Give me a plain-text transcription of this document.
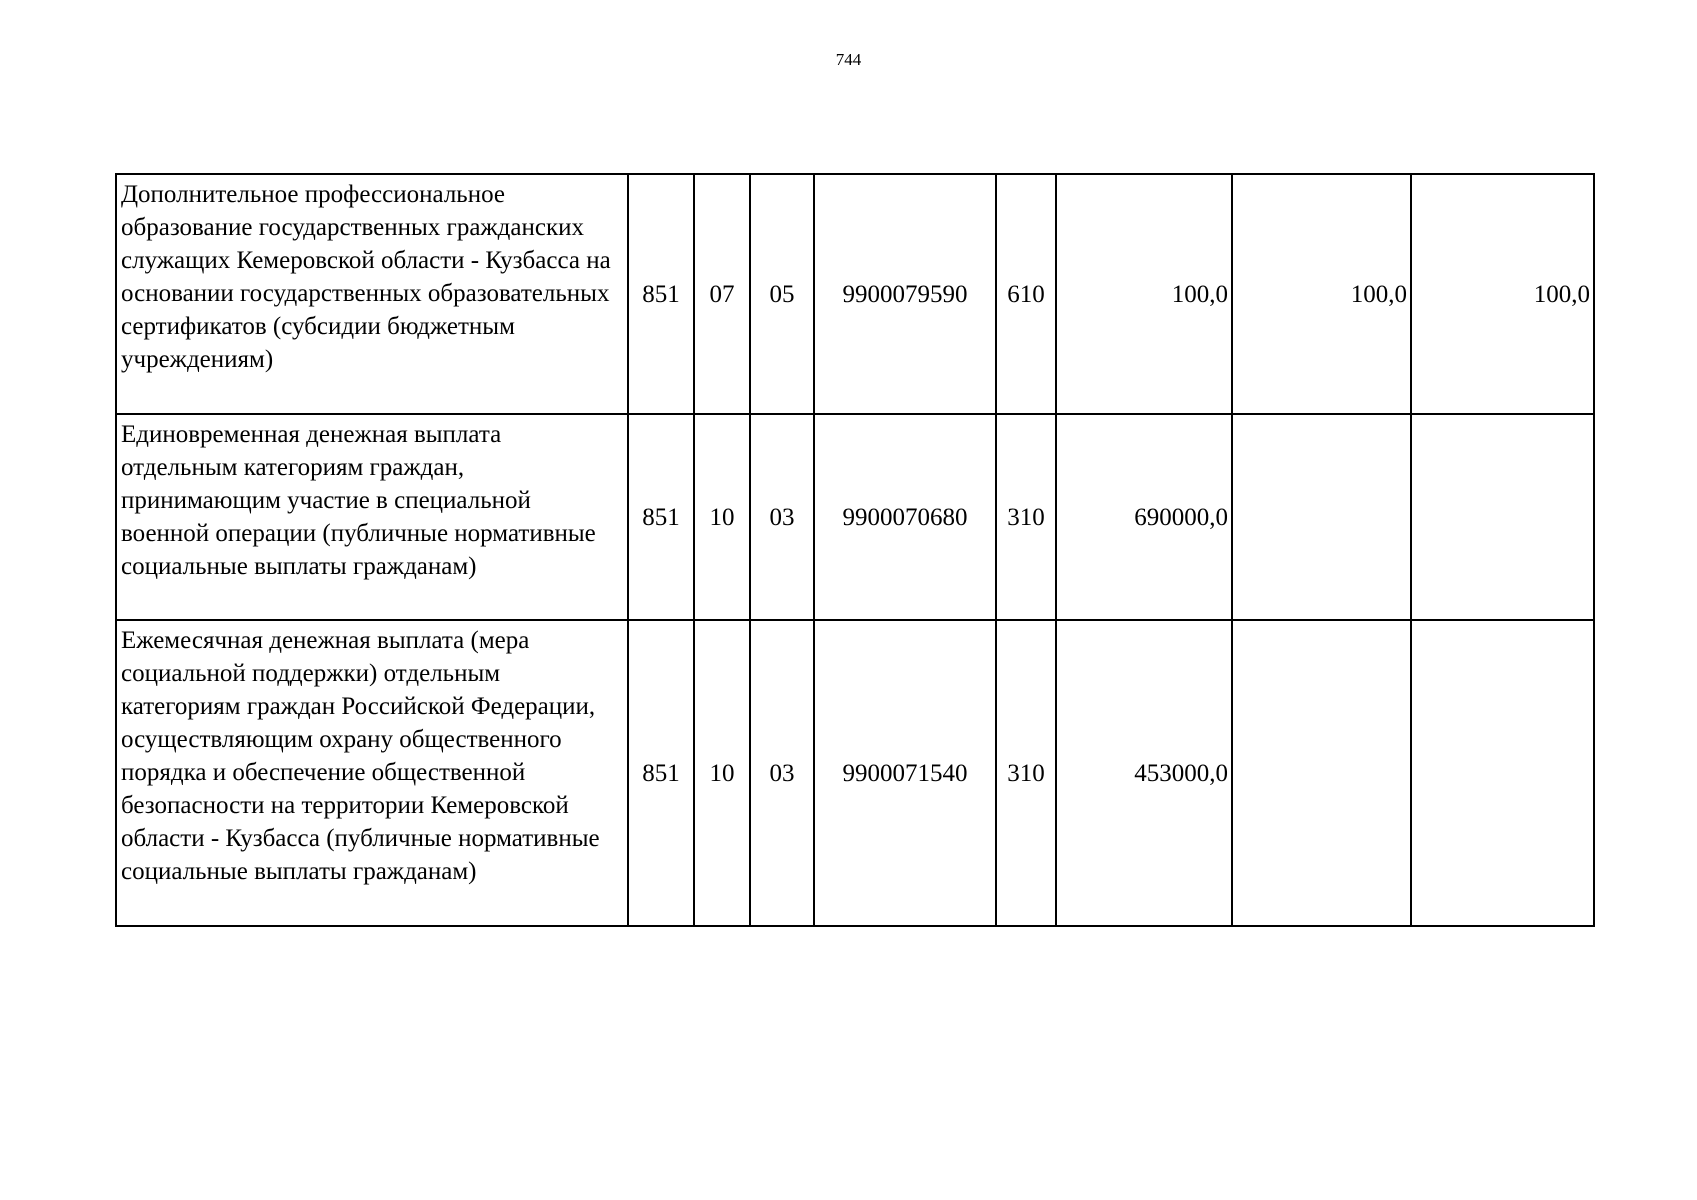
744
Дополнительное профессиональное образование государственных гражданских служащих Кемеровской области - Кузбасса на основании государственных образовательных сертификатов (субсидии бюджетным учреждениям)	851	07	05	9900079590	610	100,0	100,0	100,0

Единовременная денежная выплата отдельным категориям граждан, принимающим участие в специальной военной операции (публичные нормативные социальные выплаты гражданам)	851	10	03	9900070680	310	690000,0		

Ежемесячная денежная выплата (мера социальной поддержки) отдельным категориям граждан Российской Федерации, осуществляющим охрану общественного порядка и обеспечение общественной безопасности на территории Кемеровской области - Кузбасса (публичные нормативные социальные выплаты гражданам)	851	10	03	9900071540	310	453000,0		
